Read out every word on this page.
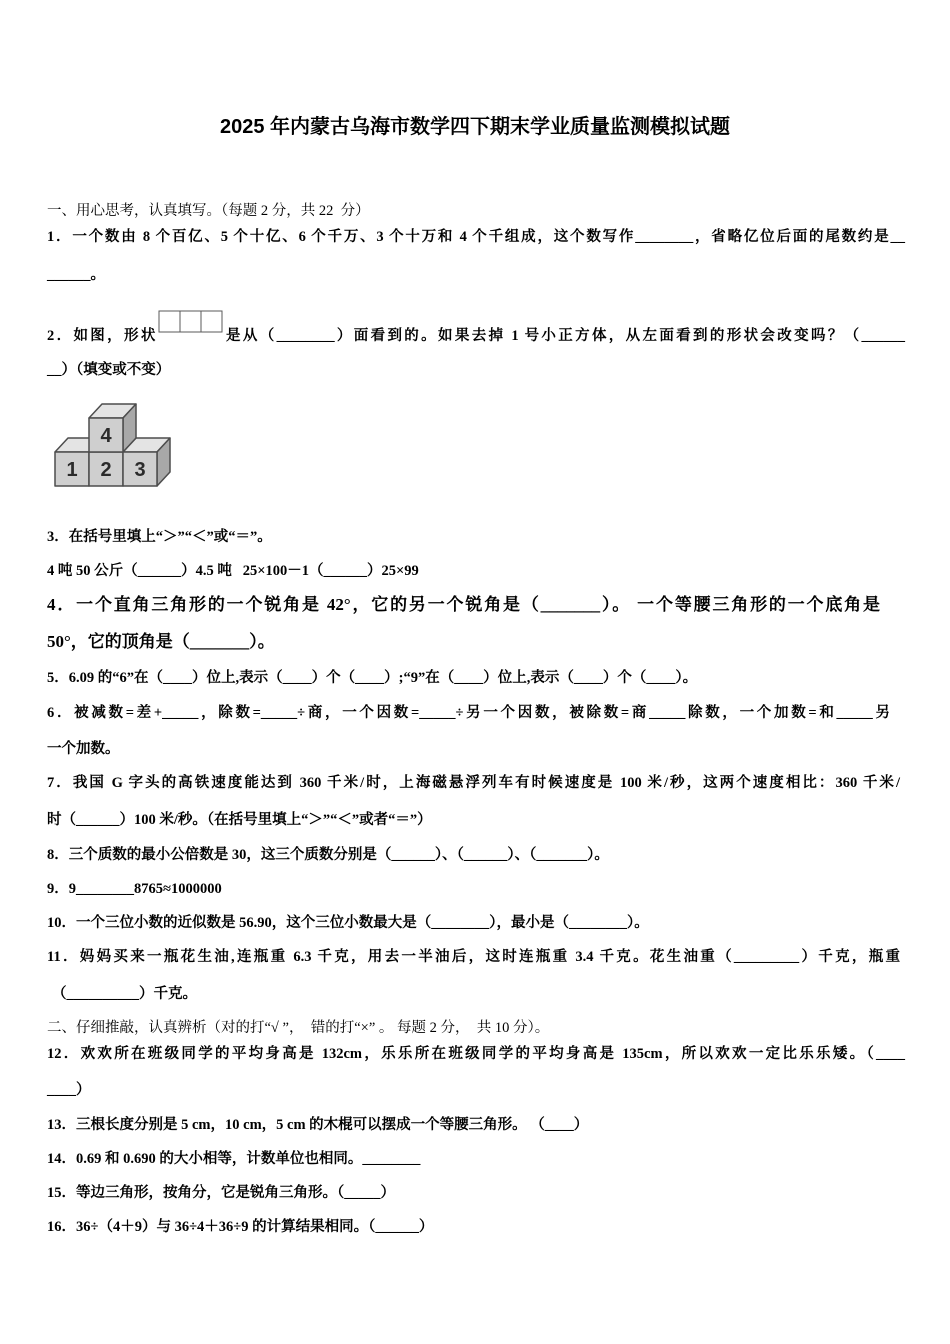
2025 年内蒙古乌海市数学四下期末学业质量监测模拟试题
一、用心思考，认真填写。（每题 2 分，共 22  分）
1．一个数由 8 个百亿、5 个十亿、6 个千万、3 个十万和 4 个千组成，这个数写作________，省略亿位后面的尾数约是__
______。
2．如图，形状	是从（________）面看到的。如果去掉 1 号小正方体，从左面看到的形状会改变吗？（______
__）（填变或不变）
1 2 3
4
3．在括号里填上“＞”“＜”或“＝”。
4 吨 50 公斤（______）4.5 吨   25×100－1（______）25×99
4．一个直角三角形的一个锐角是 42°，它的另一个锐角是（_______）。 一个等腰三角形的一个底角是
50°，它的顶角是（_______）。
5．6.09 的“6”在（____）位上,表示（____）个（____）;“9”在（____）位上,表示（____）个（____）。
6．被减数=差+_____，除数=_____÷商，一个因数=_____÷另一个因数，被除数=商_____除数，一个加数=和_____另
一个加数。
7．我国 G 字头的高铁速度能达到 360 千米/时，上海磁悬浮列车有时候速度是 100 米/秒，这两个速度相比：360 千米/
时（______）100 米/秒。（在括号里填上“＞”“＜”或者“＝”）
8．三个质数的最小公倍数是 30，这三个质数分别是（______）、（______）、（_______）。
9．9________8765≈1000000
10．一个三位小数的近似数是 56.90，这个三位小数最大是（________），最小是（________）。
11．妈妈买来一瓶花生油,连瓶重 6.3 千克，用去一半油后，这时连瓶重 3.4 千克。花生油重（_________）千克，瓶重
（__________）千克。
二、仔细推敲，认真辨析（对的打“√ ”，  错的打“×” 。 每题 2 分，  共 10 分）。
12．欢欢所在班级同学的平均身高是 132cm，乐乐所在班级同学的平均身高是 135cm，所以欢欢一定比乐乐矮。（____
____）
13．三根长度分别是 5 cm，10 cm，5 cm 的木棍可以摆成一个等腰三角形。 （____）
14．0.69 和 0.690 的大小相等，计数单位也相同。________
15．等边三角形，按角分，它是锐角三角形。（_____）
16．36÷（4＋9）与 36÷4＋36÷9 的计算结果相同。（______）
